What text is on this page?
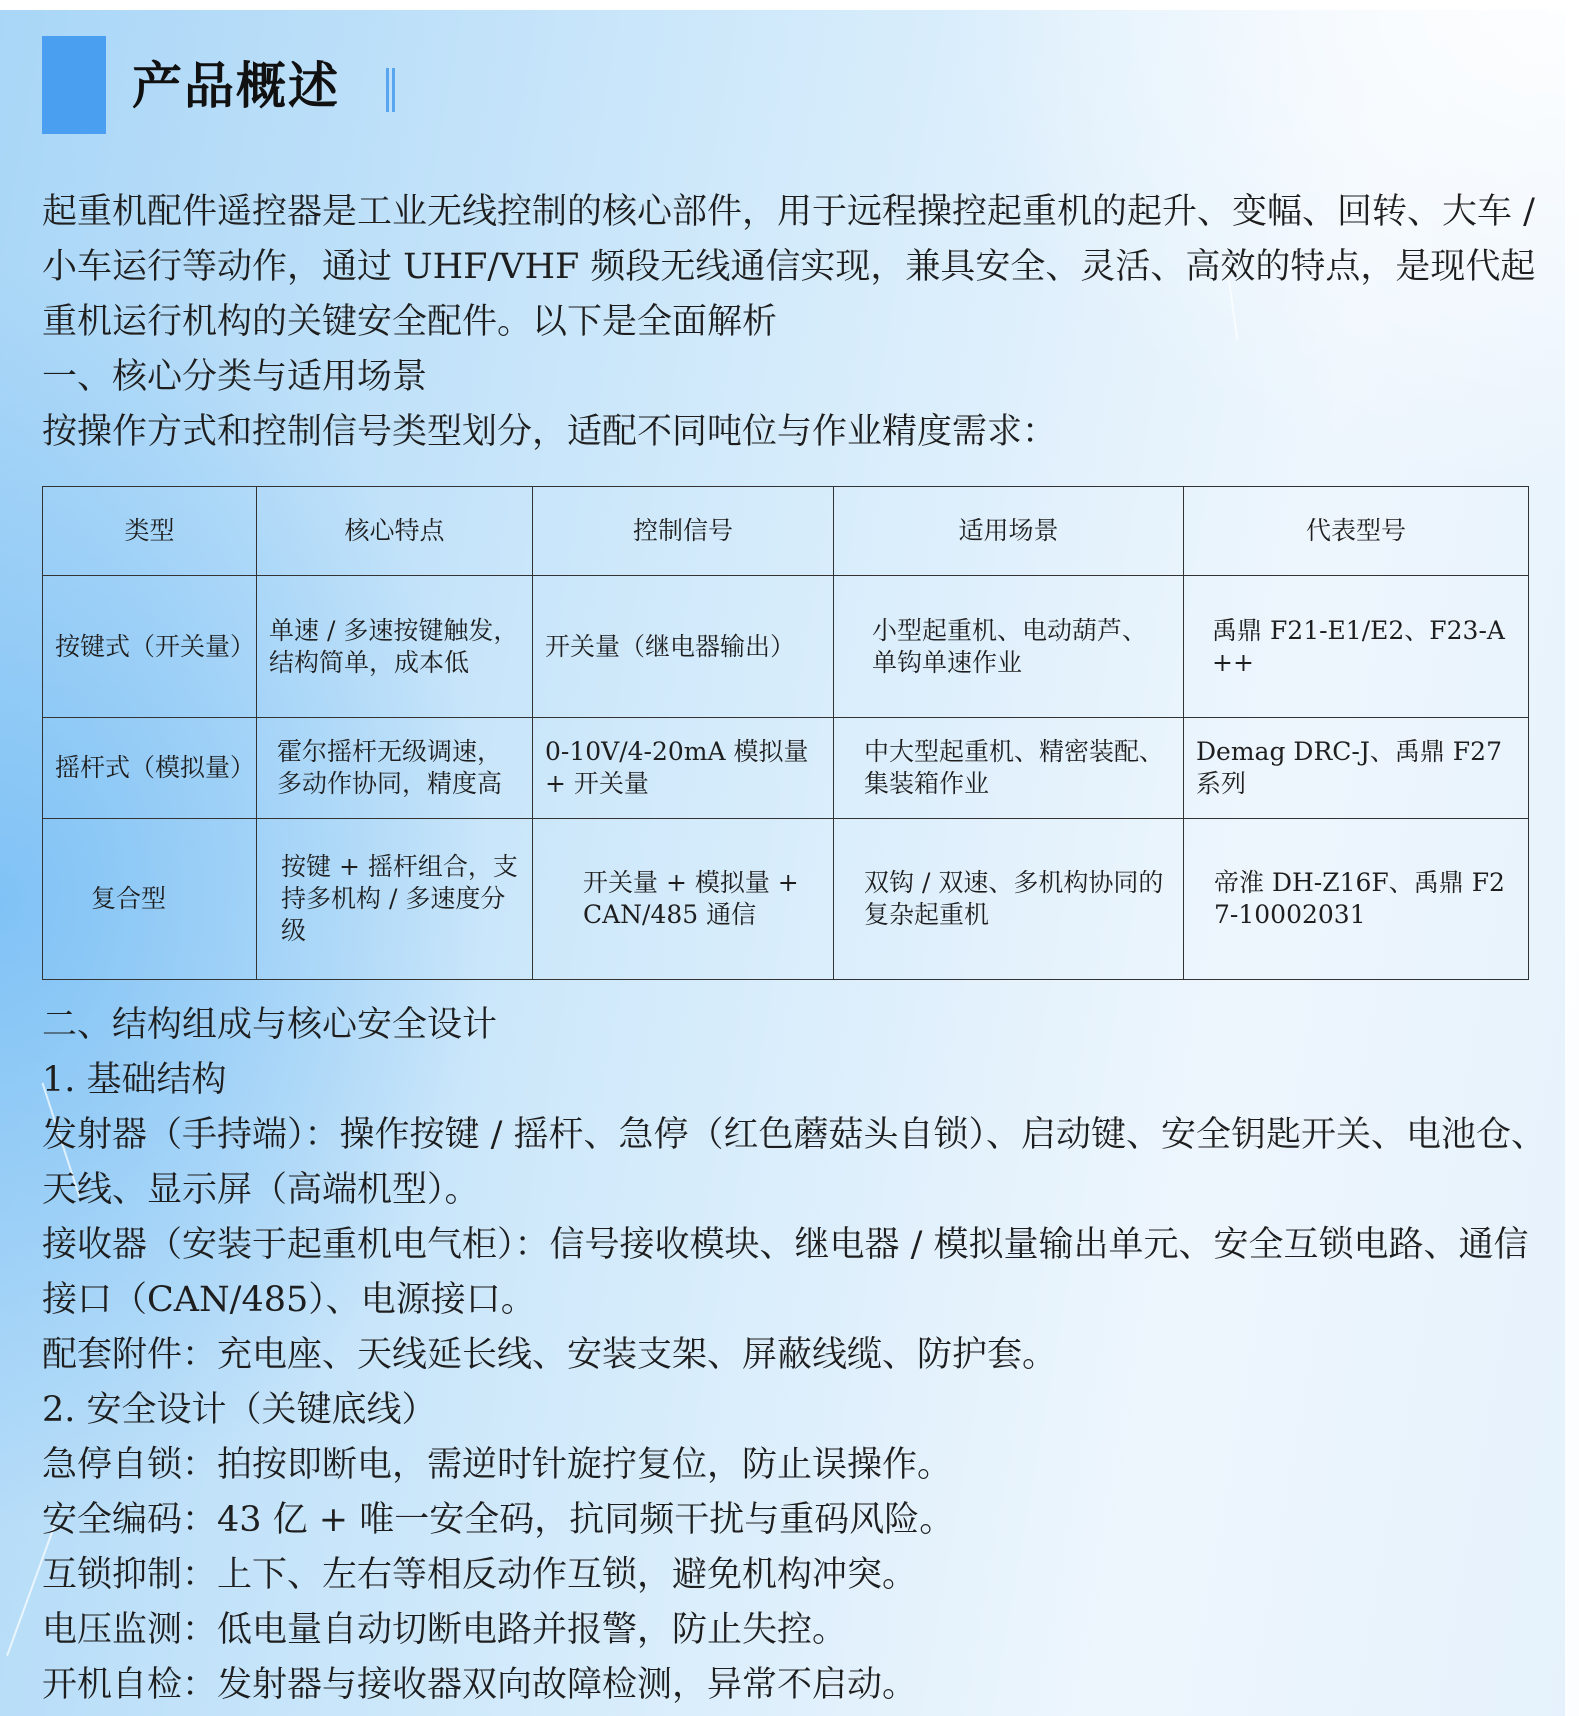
产品概述

起重机配件遥控器是工业无线控制的核心部件，用于远程操控起重机的起升、变幅、回转、大车 / 小车运行等动作，通过 UHF/VHF 频段无线通信实现，兼具安全、灵活、高效的特点，是现代起重机运行机构的关键安全配件。以下是全面解析

一、核心分类与适用场景

按操作方式和控制信号类型划分，适配不同吨位与作业精度需求：

类型	核心特点	控制信号	适用场景	代表型号
按键式（开关量）	单速 / 多速按键触发，结构简单，成本低	开关量（继电器输出）	小型起重机、电动葫芦、单钩单速作业	禹鼎 F21-E1/E2、F23-A++
摇杆式（模拟量）	霍尔摇杆无级调速，多动作协同，精度高	0-10V/4-20mA 模拟量 + 开关量	中大型起重机、精密装配、集装箱作业	Demag DRC-J、禹鼎 F27 系列
复合型	按键 + 摇杆组合，支持多机构 / 多速度分级	开关量 + 模拟量 + CAN/485 通信	双钩 / 双速、多机构协同的复杂起重机	帝淮 DH-Z16F、禹鼎 F27-10002031

二、结构组成与核心安全设计

1. 基础结构

发射器（手持端）：操作按键 / 摇杆、急停（红色蘑菇头自锁）、启动键、安全钥匙开关、电池仓、天线、显示屏（高端机型）。

接收器（安装于起重机电气柜）：信号接收模块、继电器 / 模拟量输出单元、安全互锁电路、通信接口（CAN/485）、电源接口。

配套附件：充电座、天线延长线、安装支架、屏蔽线缆、防护套。

2. 安全设计（关键底线）

急停自锁：拍按即断电，需逆时针旋拧复位，防止误操作。

安全编码：43 亿 + 唯一安全码，抗同频干扰与重码风险。

互锁抑制：上下、左右等相反动作互锁，避免机构冲突。

电压监测：低电量自动切断电路并报警，防止失控。

开机自检：发射器与接收器双向故障检测，异常不启动。
